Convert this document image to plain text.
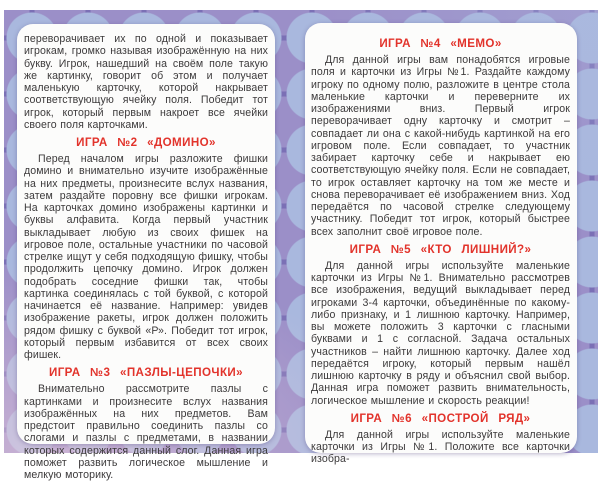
переворачивает их по одной и показывает игрокам, громко называя изображённую на них букву. Игрок, нашедший на своём поле такую же картинку, говорит об этом и получает маленькую карточку, которой накрывает соответствующую ячейку поля. Победит тот игрок, который первым накроет все ячейки своего поля карточками.

ИГРА №2 «ДОМИНО»

Перед началом игры разложите фишки домино и внимательно изучите изображённые на них предметы, произнесите вслух названия, затем раздайте поровну все фишки игрокам. На карточках домино изображены картинки и буквы алфавита. Когда первый участник выкладывает любую из своих фишек на игровое поле, остальные участники по часовой стрелке ищут у себя подходящую фишку, чтобы продолжить цепочку домино. Игрок должен подобрать соседние фишки так, чтобы картинка соединялась с той буквой, с которой начинается её название. Например: увидев изображение ракеты, игрок должен положить рядом фишку с буквой «Р». Победит тот игрок, который первым избавится от всех своих фишек.

ИГРА №3 «ПАЗЛЫ-ЦЕПОЧКИ»

Внимательно рассмотрите пазлы с картинками и произнесите вслух названия изображённых на них предметов. Вам предстоит правильно соединить пазлы со слогами и пазлы с предметами, в названии которых содержится данный слог. Данная игра поможет развить логическое мышление и мелкую моторику.

ИГРА №4 «МЕМО»

Для данной игры вам понадобятся игровые поля и карточки из Игры №1. Раздайте каждому игроку по одному полю, разложите в центре стола маленькие карточки и переверните их изображениями вниз. Первый игрок переворачивает одну карточку и смотрит – совпадает ли она с какой-нибудь картинкой на его игровом поле. Если совпадает, то участник забирает карточку себе и накрывает ею соответствующую ячейку поля. Если не совпадает, то игрок оставляет карточку на том же месте и снова переворачивает её изображением вниз. Ход передаётся по часовой стрелке следующему участнику. Победит тот игрок, который быстрее всех заполнит своё игровое поле.

ИГРА №5 «КТО ЛИШНИЙ?»

Для данной игры используйте маленькие карточки из Игры №1. Внимательно рассмотрев все изображения, ведущий выкладывает перед игроками 3-4 карточки, объединённые по какому-либо признаку, и 1 лишнюю карточку. Например, вы можете положить 3 карточки с гласными буквами и 1 с согласной. Задача остальных участников – найти лишнюю карточку. Далее ход передаётся игроку, который первым нашёл лишнюю карточку в ряду и объяснил свой выбор. Данная игра поможет развить внимательность, логическое мышление и скорость реакции!

ИГРА №6 «ПОСТРОЙ РЯД»

Для данной игры используйте маленькие карточки из Игры №1. Положите все карточки изобра-
